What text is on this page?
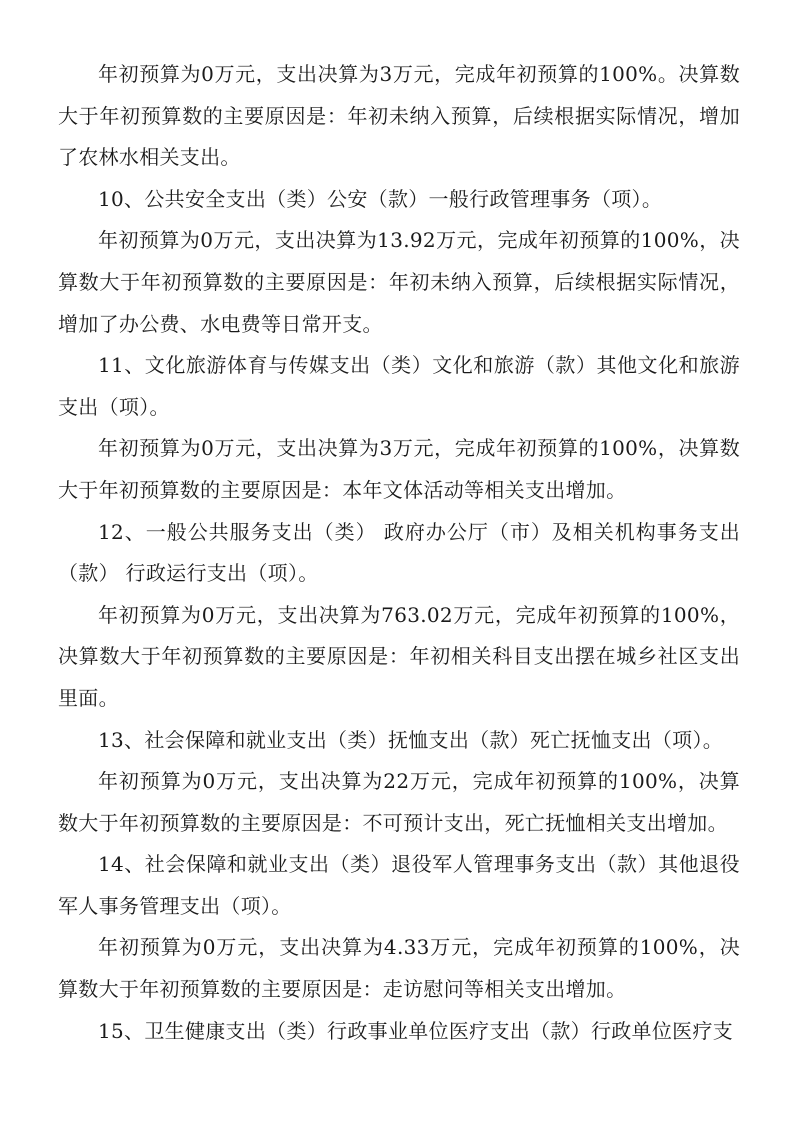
年初预算为0万元，支出决算为3万元，完成年初预算的100%。决算数大于年初预算数的主要原因是：年初未纳入预算，后续根据实际情况，增加了农林水相关支出。

10、公共安全支出（类）公安（款）一般行政管理事务（项）。

年初预算为0万元，支出决算为13.92万元，完成年初预算的100%，决算数大于年初预算数的主要原因是：年初未纳入预算，后续根据实际情况，增加了办公费、水电费等日常开支。

11、文化旅游体育与传媒支出（类）文化和旅游（款）其他文化和旅游支出（项）。

年初预算为0万元，支出决算为3万元，完成年初预算的100%，决算数大于年初预算数的主要原因是：本年文体活动等相关支出增加。

12、一般公共服务支出（类） 政府办公厅（市）及相关机构事务支出（款） 行政运行支出（项）。

年初预算为0万元，支出决算为763.02万元，完成年初预算的100%，决算数大于年初预算数的主要原因是：年初相关科目支出摆在城乡社区支出里面。

13、社会保障和就业支出（类）抚恤支出（款）死亡抚恤支出（项）。

年初预算为0万元，支出决算为22万元，完成年初预算的100%，决算数大于年初预算数的主要原因是：不可预计支出，死亡抚恤相关支出增加。

14、社会保障和就业支出（类）退役军人管理事务支出（款）其他退役军人事务管理支出（项）。

年初预算为0万元，支出决算为4.33万元，完成年初预算的100%，决算数大于年初预算数的主要原因是：走访慰问等相关支出增加。

15、卫生健康支出（类）行政事业单位医疗支出（款）行政单位医疗支
